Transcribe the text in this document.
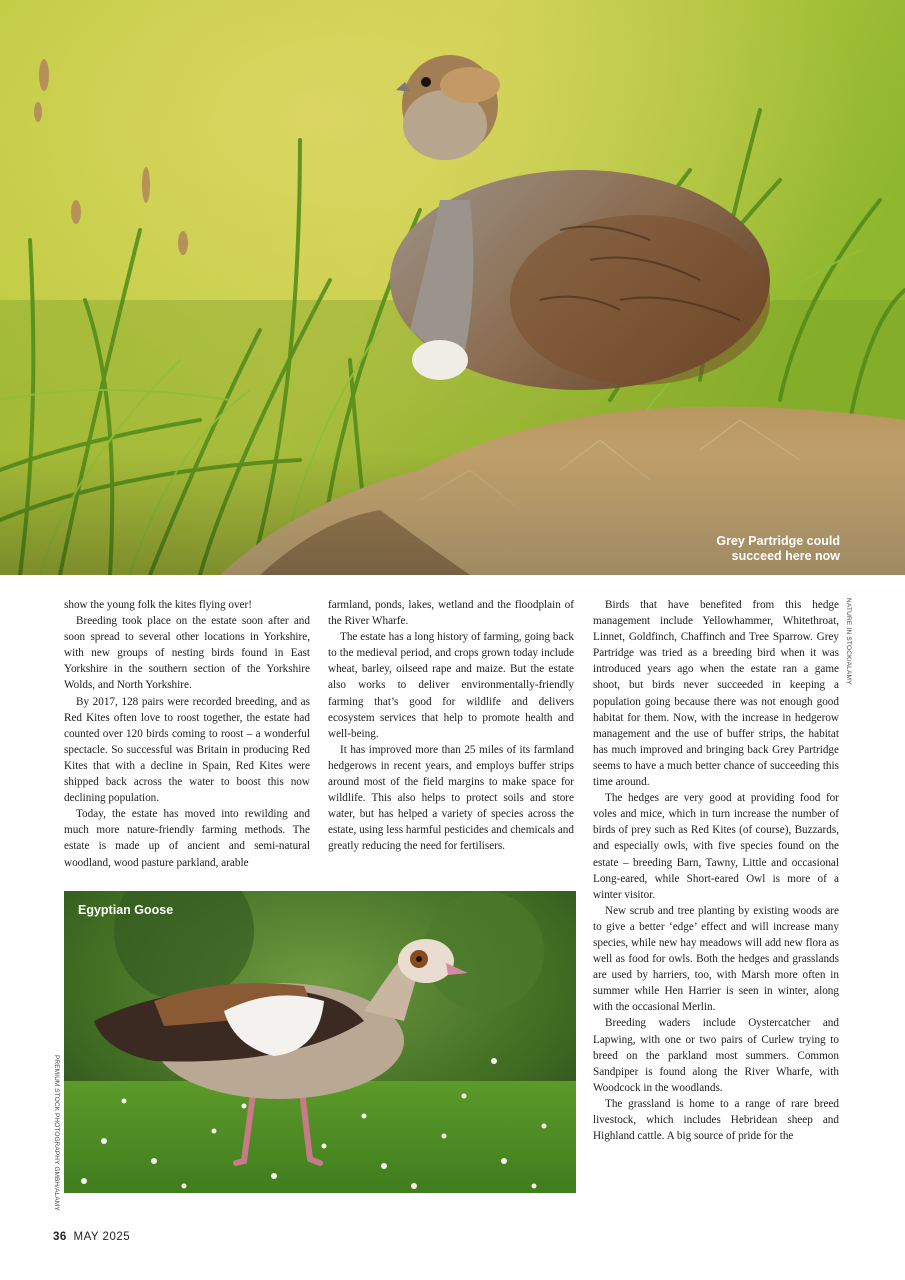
Grey Partridge could
succeed here now
NATURE IN STOCK/ALAMY

show the young folk the kites flying over!

Breeding took place on the estate soon after and soon spread to several other locations in Yorkshire, with new groups of nesting birds found in East Yorkshire in the southern section of the Yorkshire Wolds, and North Yorkshire.

By 2017, 128 pairs were recorded breeding, and as Red Kites often love to roost together, the estate had counted over 120 birds coming to roost – a wonderful spectacle. So successful was Britain in producing Red Kites that with a decline in Spain, Red Kites were shipped back across the water to boost this now declining population.

Today, the estate has moved into rewilding and much more nature-friendly farming methods. The estate is made up of ancient and semi-natural woodland, wood pasture parkland, arable

farmland, ponds, lakes, wetland and the floodplain of the River Wharfe.

The estate has a long history of farming, going back to the medieval period, and crops grown today include wheat, barley, oilseed rape and maize. But the estate also works to deliver environmentally-friendly farming that’s good for wildlife and delivers ecosystem services that help to promote health and well-being.

It has improved more than 25 miles of its farmland hedgerows in recent years, and employs buffer strips around most of the field margins to make space for wildlife. This also helps to protect soils and store water, but has helped a variety of species across the estate, using less harmful pesticides and chemicals and greatly reducing the need for fertilisers.

Birds that have benefited from this hedge management include Yellowhammer, Whitethroat, Linnet, Goldfinch, Chaffinch and Tree Sparrow. Grey Partridge was tried as a breeding bird when it was introduced years ago when the estate ran a game shoot, but birds never succeeded in keeping a population going because there was not enough good habitat for them. Now, with the increase in hedgerow management and the use of buffer strips, the habitat has much improved and bringing back Grey Partridge seems to have a much better chance of succeeding this time around.

The hedges are very good at providing food for voles and mice, which in turn increase the number of birds of prey such as Red Kites (of course), Buzzards, and especially owls, with five species found on the estate – breeding Barn, Tawny, Little and occasional Long-eared, while Short-eared Owl is more of a winter visitor.

New scrub and tree planting by existing woods are to give a better ‘edge’ effect and will increase many species, while new hay meadows will add new flora as well as food for owls. Both the hedges and grasslands are used by harriers, too, with Marsh more often in summer while Hen Harrier is seen in winter, along with the occasional Merlin.

Breeding waders include Oystercatcher and Lapwing, with one or two pairs of Curlew trying to breed on the parkland most summers. Common Sandpiper is found along the River Wharfe, with Woodcock in the woodlands.

The grassland is home to a range of rare breed livestock, which includes Hebridean sheep and Highland cattle. A big source of pride for the

Egyptian Goose
PREMIUM STOCK PHOTOGRAPHY GMBH/ALAMY
36 MAY 2025
